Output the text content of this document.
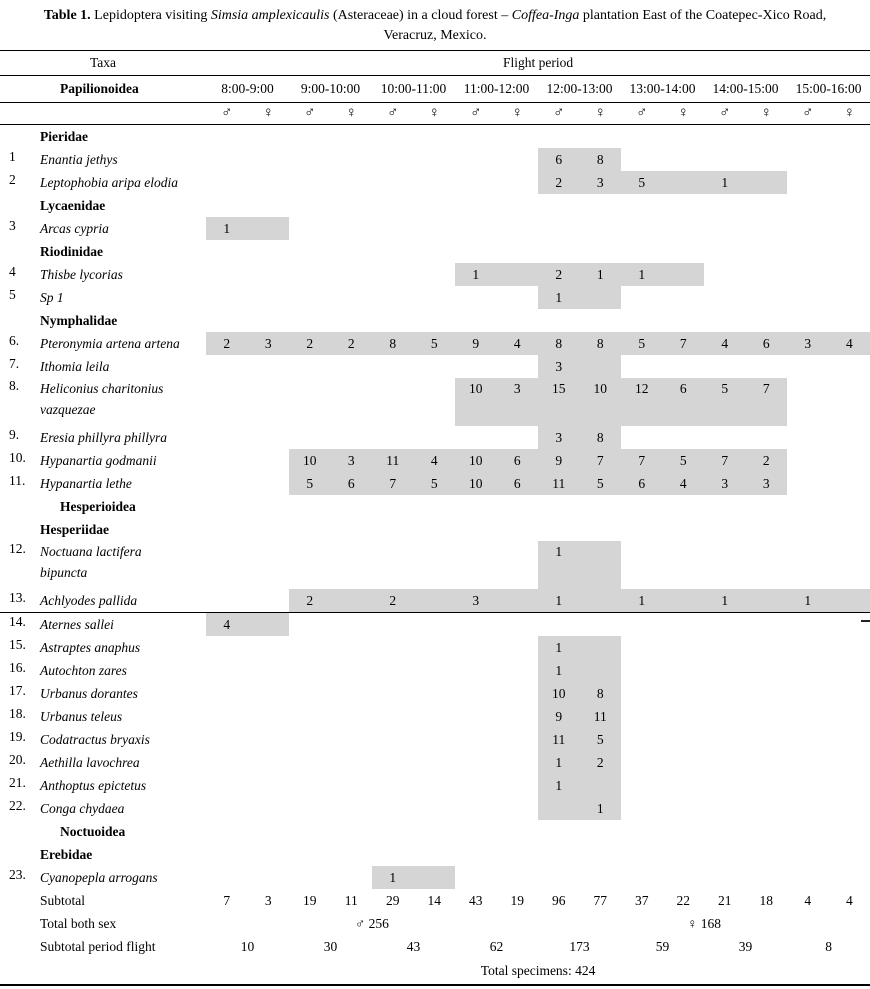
Table 1. Lepidoptera visiting Simsia amplexicaulis (Asteraceae) in a cloud forest – Coffea-Inga plantation East of the Coatepec-Xico Road,
Veracruz, Mexico.
Taxa	Flight period															
Papilionoidea	8:00-9:00		9:00-10:00		10:00-11:00		11:00-12:00		12:00-13:00		13:00-14:00		14:00-15:00		15:00-16:00	
	♂	♀	♂	♀	♂	♀	♂	♀	♂	♀	♂	♀	♂	♀	♂	♀

Pieridae																

1 Enantia jethys									6	8						

2 Leptophobia aripa elodia									2	3	5		1			

Lycaenidae																

3 Arcas cypria	1															

Riodinidae																

4 Thisbe lycorias							1		2	1	1					

5 Sp 1									1							

Nymphalidae																

6. Pteronymia artena artena	2	3	2	2	8	5	9	4	8	8	5	7	4	6	3	4

7. Ithomia leila									3							

8. Heliconius charitonius
vazquezae							10	3	15	10	12	6	5	7		

9. Eresia phillyra phillyra									3	8						

10. Hypanartia godmanii			10	3	11	4	10	6	9	7	7	5	7	2		

11. Hypanartia lethe			5	6	7	5	10	6	11	5	6	4	3	3		

Hesperioidea																

Hesperiidae																

12. Noctuana lactifera
bipuncta									1							

13. Achlyodes pallida			2		2		3		1		1		1		1	

14. Aternes sallei	4															

15. Astraptes anaphus									1							

16. Autochton zares									1							

17. Urbanus dorantes									10	8						

18. Urbanus teleus									9	11						

19. Codatractus bryaxis									11	5						

20. Aethilla lavochrea									1	2						

21. Anthoptus epictetus									1							

22. Conga chydaea										1						

Noctuoidea																

Erebidae																

23. Cyanopepla arrogans					1											

Subtotal	7	3	19	11	29	14	43	19	96	77	37	22	21	18	4	4

Total both sex	♂ 256								♀ 168							

Subtotal period flight	10		30		43		62		173		59		39		8	
	Total specimens: 424															
